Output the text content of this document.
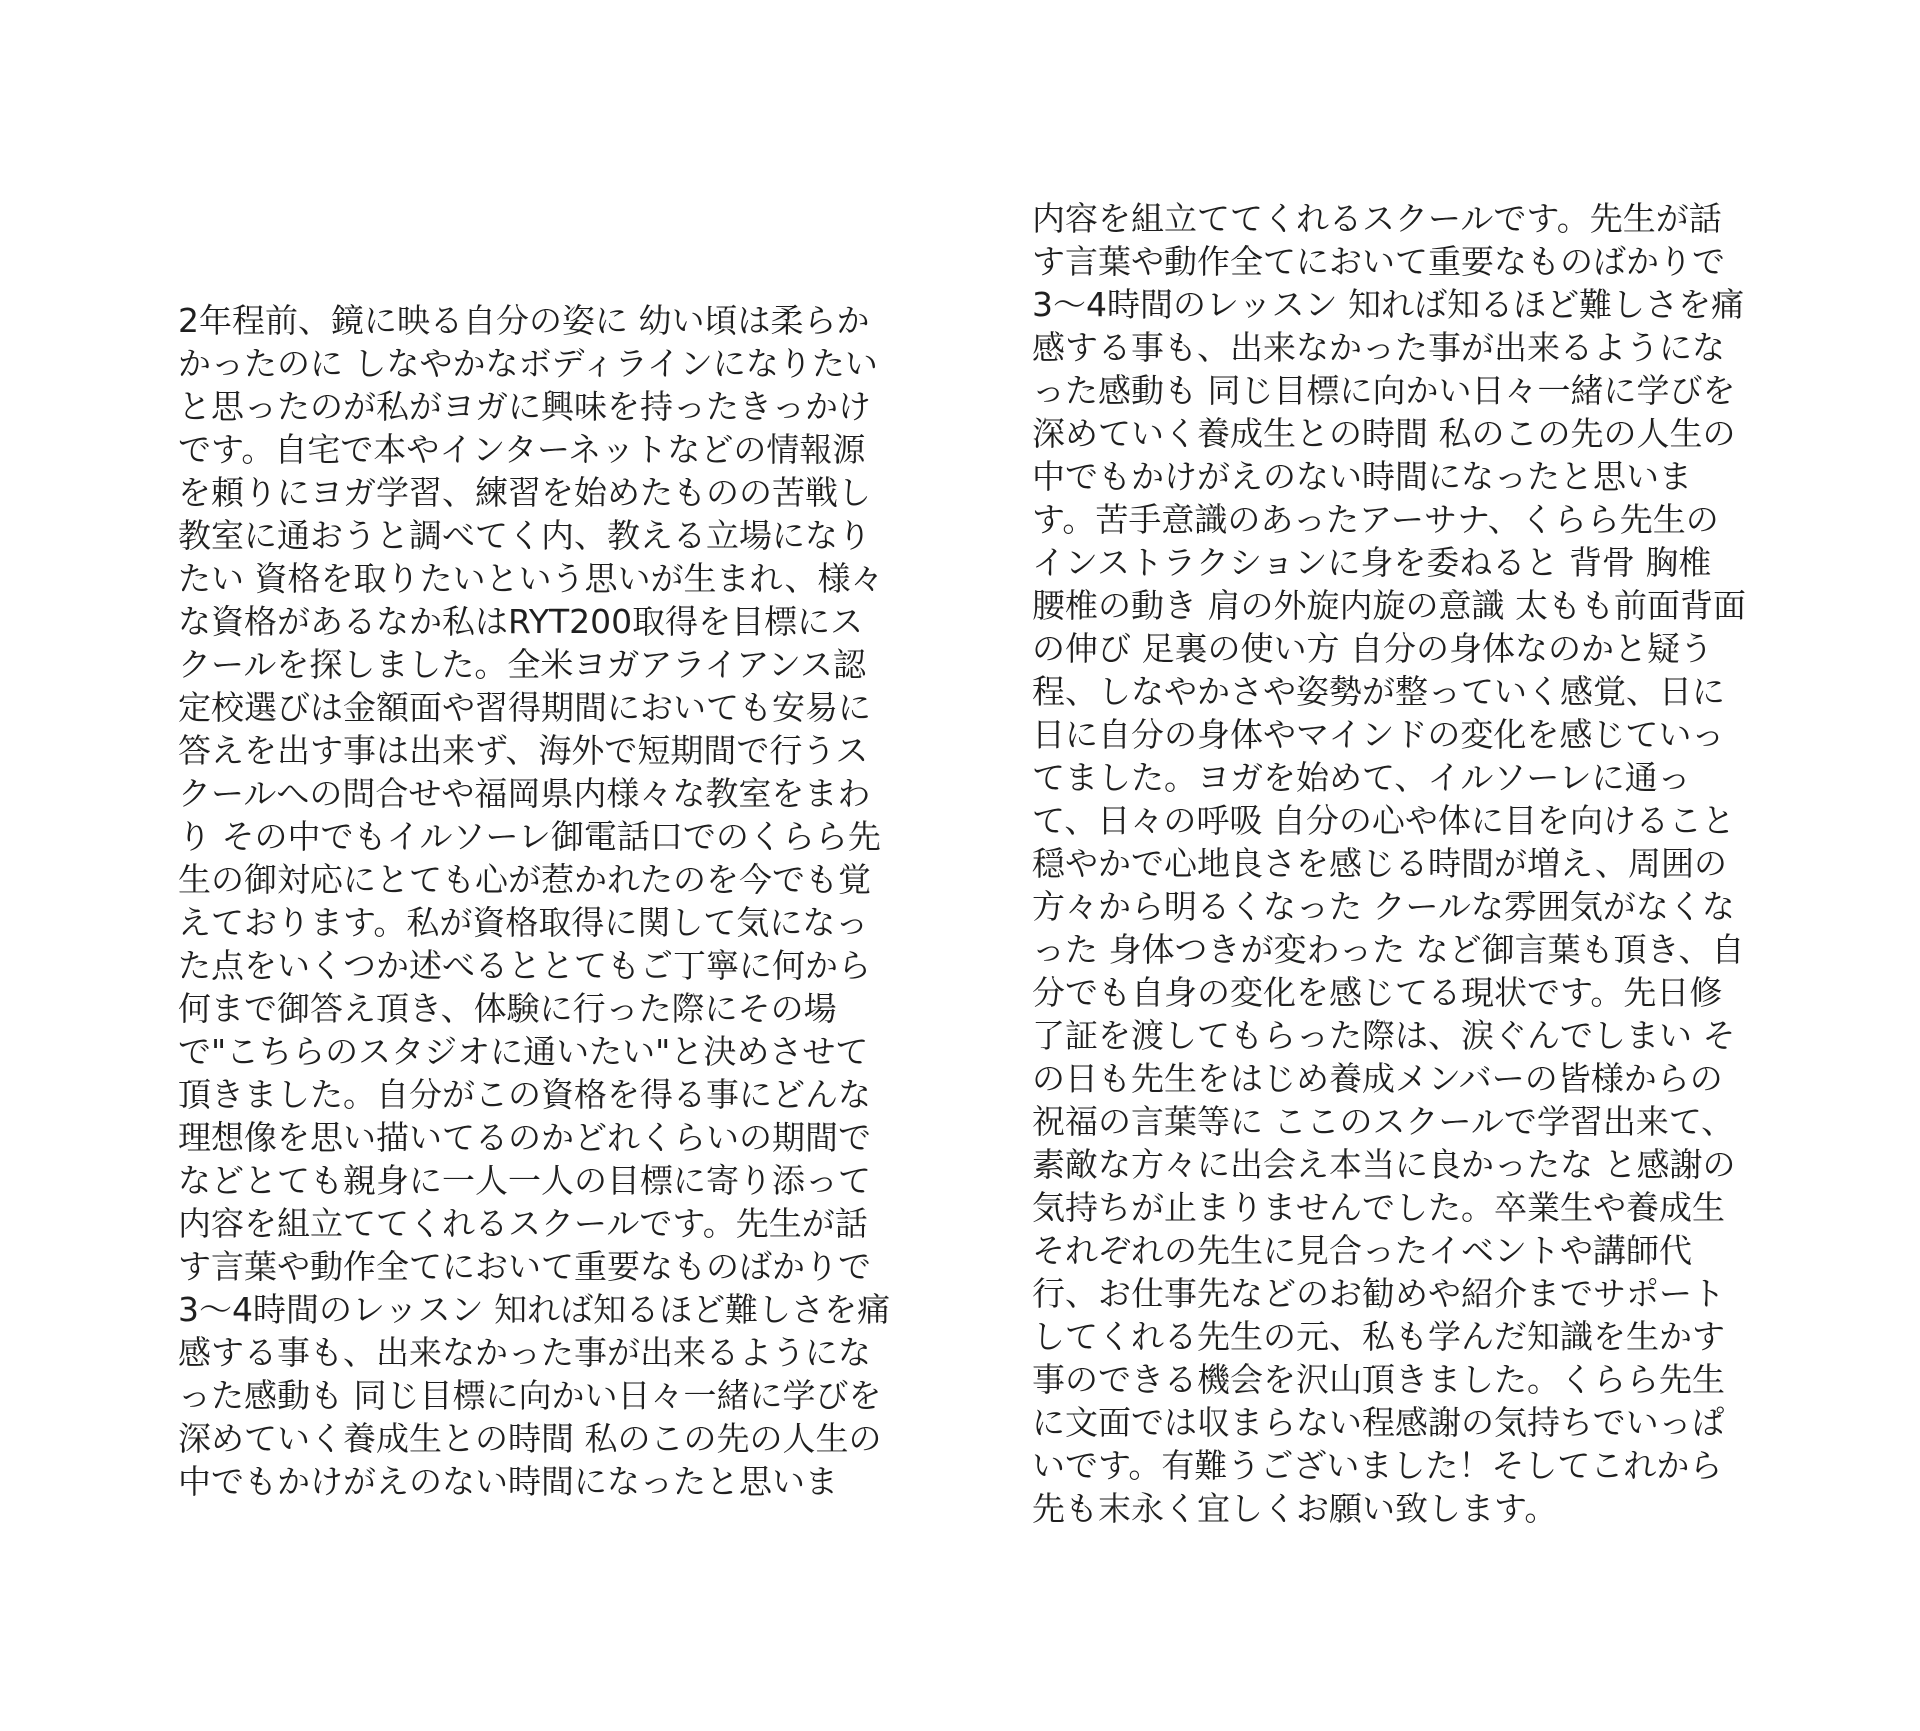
2年程前、鏡に映る自分の姿に 幼い頃は柔らか
かったのに しなやかなボディラインになりたい
と思ったのが私がヨガに興味を持ったきっかけ
です。自宅で本やインターネットなどの情報源
を頼りにヨガ学習、練習を始めたものの苦戦し
教室に通おうと調べてく内、教える立場になり
たい 資格を取りたいという思いが生まれ、様々
な資格があるなか私はRYT200取得を目標にス
クールを探しました。全米ヨガアライアンス認
定校選びは金額面や習得期間においても安易に
答えを出す事は出来ず、海外で短期間で行うス
クールへの問合せや福岡県内様々な教室をまわ
り その中でもイルソーレ御電話口でのくらら先
生の御対応にとても心が惹かれたのを今でも覚
えております。私が資格取得に関して気になっ
た点をいくつか述べるととてもご丁寧に何から
何まで御答え頂き、体験に行った際にその場
で"こちらのスタジオに通いたい"と決めさせて
頂きました。自分がこの資格を得る事にどんな
理想像を思い描いてるのかどれくらいの期間で
などとても親身に一人一人の目標に寄り添って
内容を組立ててくれるスクールです。先生が話
す言葉や動作全てにおいて重要なものばかりで
3〜4時間のレッスン 知れば知るほど難しさを痛
感する事も、出来なかった事が出来るようにな
った感動も 同じ目標に向かい日々一緒に学びを
深めていく養成生との時間 私のこの先の人生の
中でもかけがえのない時間になったと思いま
内容を組立ててくれるスクールです。先生が話
す言葉や動作全てにおいて重要なものばかりで
3〜4時間のレッスン 知れば知るほど難しさを痛
感する事も、出来なかった事が出来るようにな
った感動も 同じ目標に向かい日々一緒に学びを
深めていく養成生との時間 私のこの先の人生の
中でもかけがえのない時間になったと思いま
す。苦手意識のあったアーサナ、くらら先生の
インストラクションに身を委ねると 背骨 胸椎
腰椎の動き 肩の外旋内旋の意識 太もも前面背面
の伸び 足裏の使い方 自分の身体なのかと疑う
程、しなやかさや姿勢が整っていく感覚、日に
日に自分の身体やマインドの変化を感じていっ
てました。ヨガを始めて、イルソーレに通っ
て、日々の呼吸 自分の心や体に目を向けること
穏やかで心地良さを感じる時間が増え、周囲の
方々から明るくなった クールな雰囲気がなくな
った 身体つきが変わった など御言葉も頂き、自
分でも自身の変化を感じてる現状です。先日修
了証を渡してもらった際は、涙ぐんでしまい そ
の日も先生をはじめ養成メンバーの皆様からの
祝福の言葉等に ここのスクールで学習出来て、
素敵な方々に出会え本当に良かったな と感謝の
気持ちが止まりませんでした。卒業生や養成生
それぞれの先生に見合ったイベントや講師代
行、お仕事先などのお勧めや紹介までサポート
してくれる先生の元、私も学んだ知識を生かす
事のできる機会を沢山頂きました。くらら先生
に文面では収まらない程感謝の気持ちでいっぱ
いです。有難うございました！そしてこれから
先も末永く宜しくお願い致します。
